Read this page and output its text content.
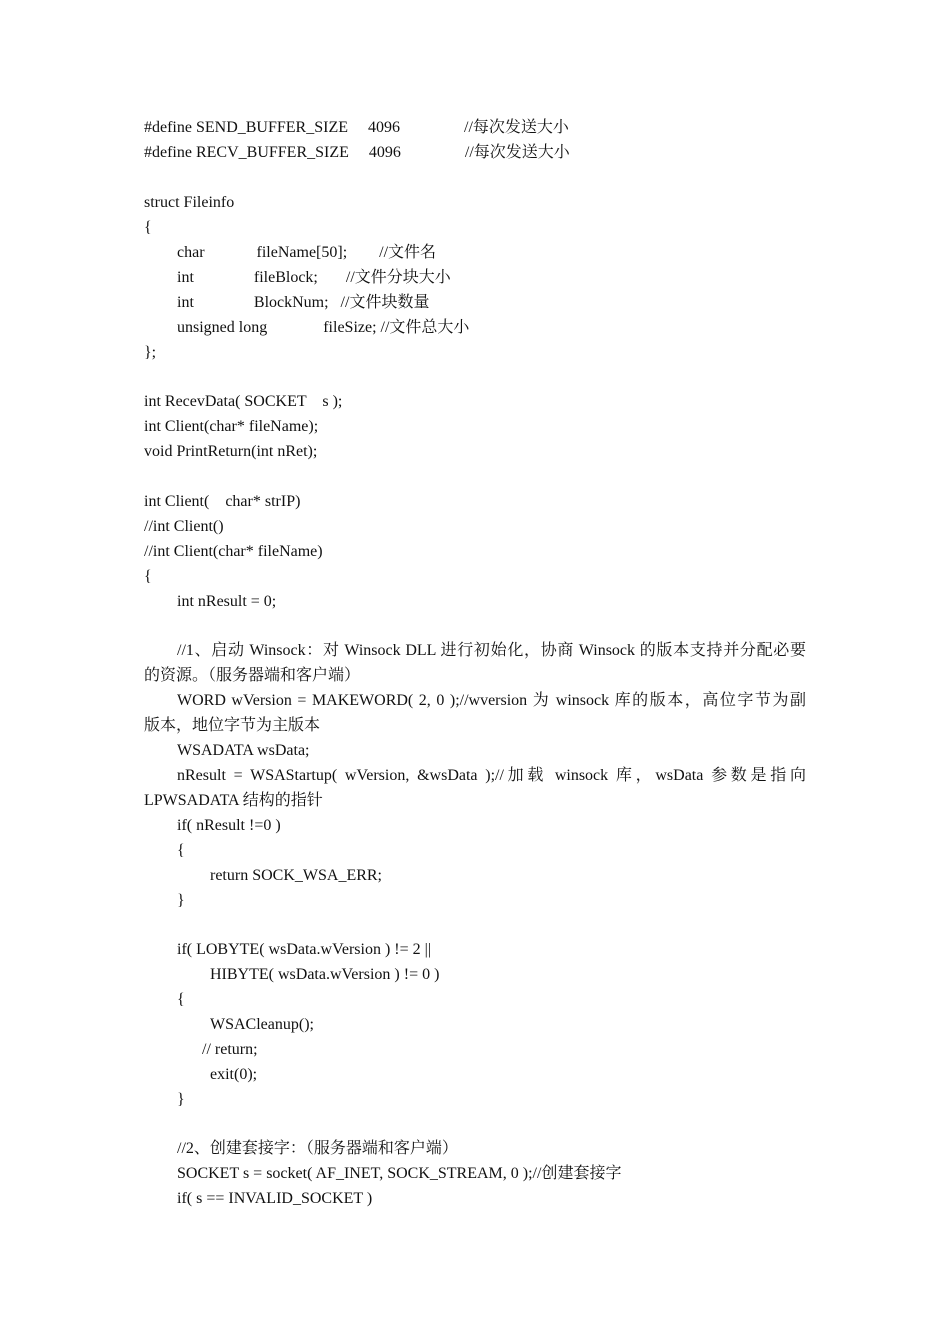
#define SEND_BUFFER_SIZE     4096                //每次发送大小
#define RECV_BUFFER_SIZE     4096                //每次发送大小
struct Fileinfo
{
char             fileName[50];        //文件名
int               fileBlock;       //文件分块大小
int               BlockNum;   //文件块数量
unsigned long              fileSize; //文件总大小
};
int RecevData( SOCKET    s );
int Client(char* fileName);
void PrintReturn(int nRet);
int Client(    char* strIP)
//int Client()
//int Client(char* fileName)
{
int nResult = 0;
//1、启动 Winsock：对 Winsock DLL 进行初始化，协商 Winsock 的版本支持并分配必要
的资源。（服务器端和客户端）
WORD wVersion = MAKEWORD( 2, 0 );//wversion 为 winsock 库的版本，高位字节为副
版本，地位字节为主版本
WSADATA wsData;
nResult = WSAStartup( wVersion, &wsData );//加载 winsock 库，wsData 参数是指向
LPWSADATA 结构的指针
if( nResult !=0 )
{
return SOCK_WSA_ERR;
}
if( LOBYTE( wsData.wVersion ) != 2 ||
HIBYTE( wsData.wVersion ) != 0 )
{
WSACleanup();
// return;
exit(0);
}
//2、创建套接字：（服务器端和客户端）
SOCKET s = socket( AF_INET, SOCK_STREAM, 0 );//创建套接字
if( s == INVALID_SOCKET )
